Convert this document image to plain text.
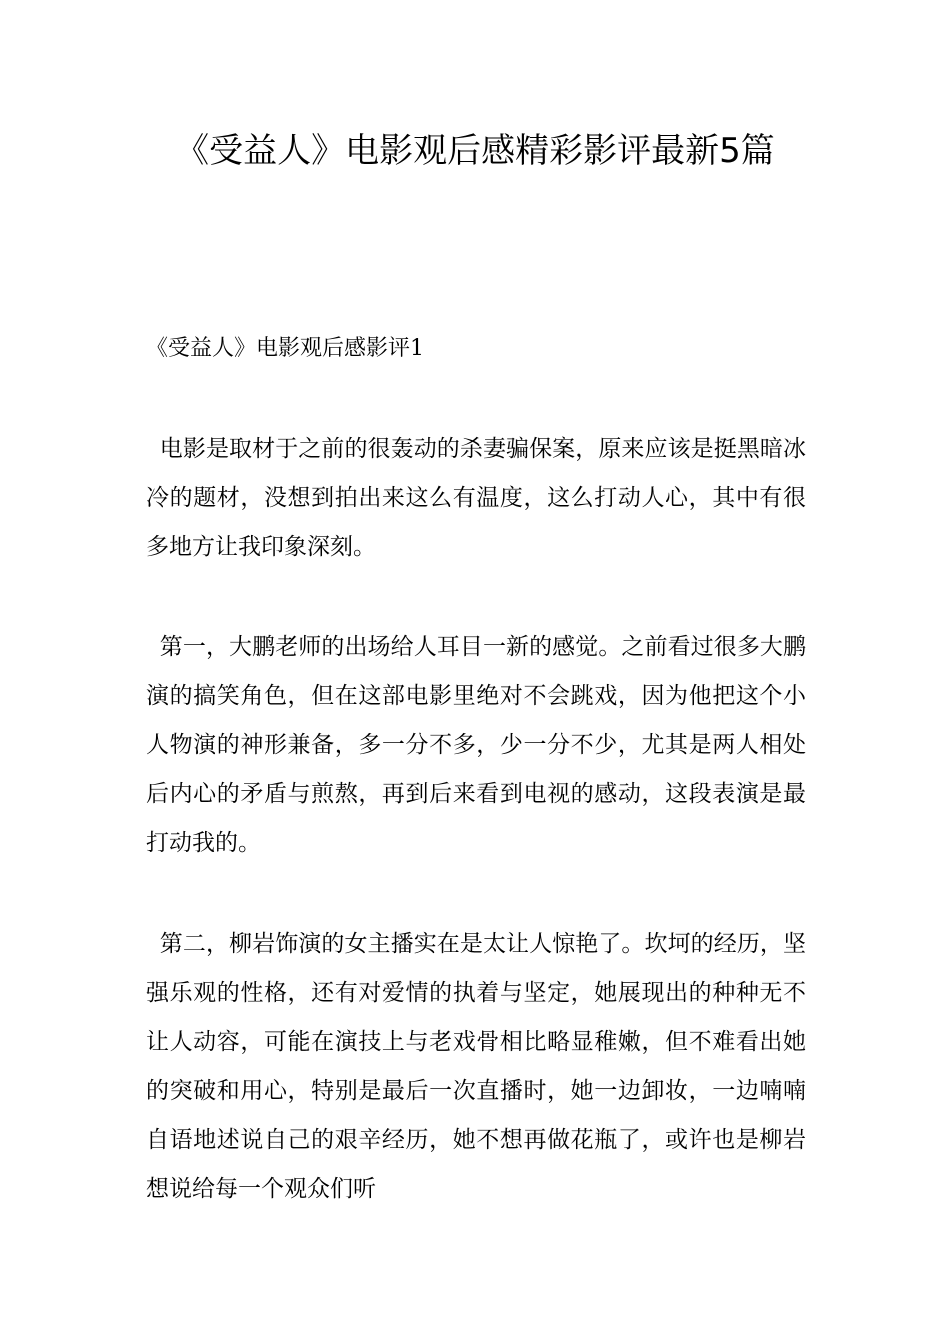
《受益人》电影观后感精彩影评最新5篇

《受益人》电影观后感影评1

电影是取材于之前的很轰动的杀妻骗保案，原来应该是挺黑暗冰冷的题材，没想到拍出来这么有温度，这么打动人心，其中有很多地方让我印象深刻。

第一，大鹏老师的出场给人耳目一新的感觉。之前看过很多大鹏演的搞笑角色，但在这部电影里绝对不会跳戏，因为他把这个小人物演的神形兼备，多一分不多，少一分不少，尤其是两人相处后内心的矛盾与煎熬，再到后来看到电视的感动，这段表演是最打动我的。

第二，柳岩饰演的女主播实在是太让人惊艳了。坎坷的经历，坚强乐观的性格，还有对爱情的执着与坚定，她展现出的种种无不让人动容，可能在演技上与老戏骨相比略显稚嫩，但不难看出她的突破和用心，特别是最后一次直播时，她一边卸妆，一边喃喃自语地述说自己的艰辛经历，她不想再做花瓶了，或许也是柳岩想说给每一个观众们听
